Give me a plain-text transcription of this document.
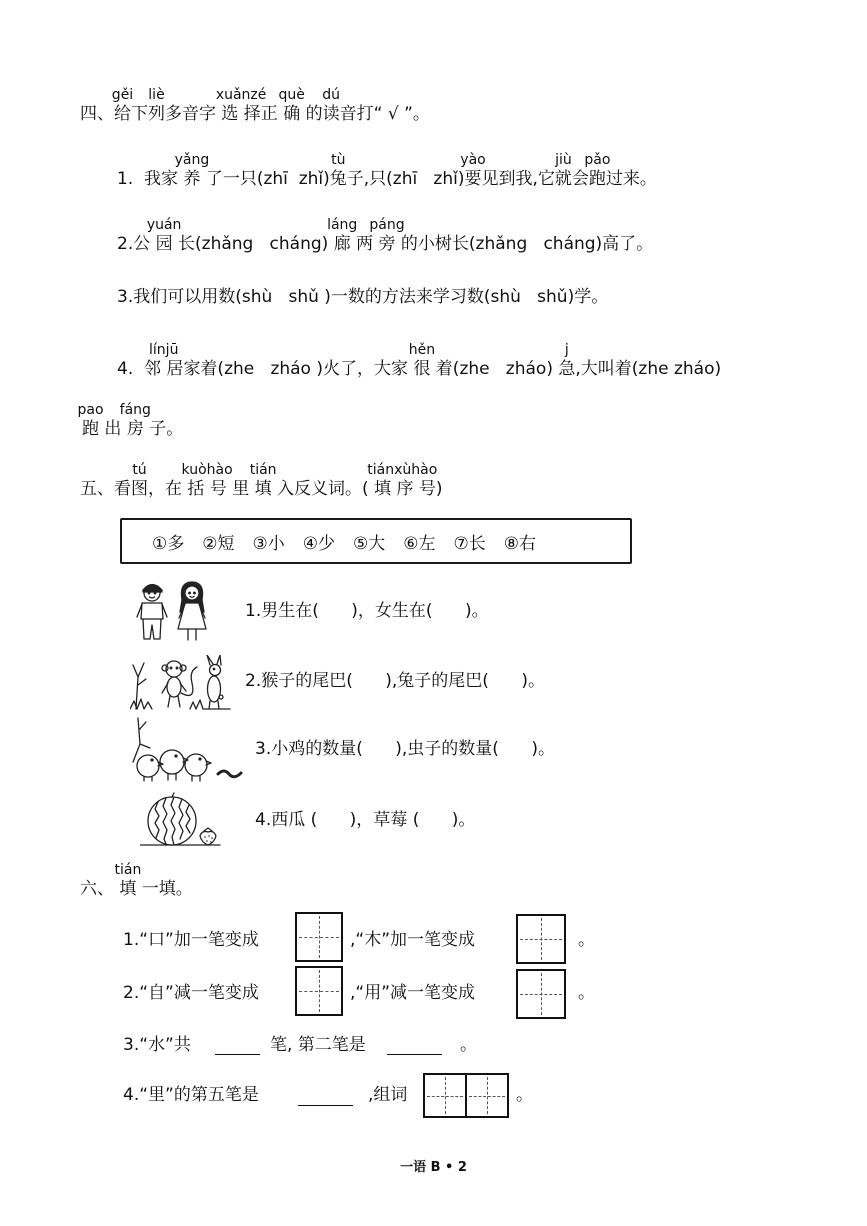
四、给
gěi
下列
liè
多音字 选 择
xuǎnzé
正 确
què
的读
dú
音打“ √ ”。
1.  我家 养
yǎng
了一只(zhī  zhǐ)兔
tù
子,只(zhī   zhǐ)要
yào
见到我,它就
jiù
会跑
pǎo
过来。
2.公 园
yuán
长(zhǎng   cháng) 廊
láng
两 旁
páng
的小树长(zhǎng   cháng)高了。
3.我们可以用数(shù   shǔ )一数的方法来学习数(shù   shǔ)学。
4.  邻 居
línjū
家着(zhe   zháo )火了，大家 很
hěn
着(zhe   zháo) 急
j
,大叫着(zhe zháo)
跑
pao
出 房
fáng
子。
五、看图
tú
，在 括 号
kuòhào
里 填
tián
入反义词。( 填 序 号
tiánxùhào
)
①多 ②短 ③小 ④少 ⑤大 ⑥左 ⑦长 ⑧右
1.男生在(      )，女生在(      )。
2.猴子的尾巴(      ),兔子的尾巴(      )。
3.小鸡的数量(      ),虫子的数量(      )。
4.西瓜 (      )，草莓 (      )。
六、 填
tián
一填。
1.“口”加一笔变成	,“木”加一笔变成	。
2.“自”减一笔变成	,“用”减一笔变成	。
3.“水”共	笔, 第二笔是	。
4.“里”的第五笔是	,组词	。
一语 B • 2
